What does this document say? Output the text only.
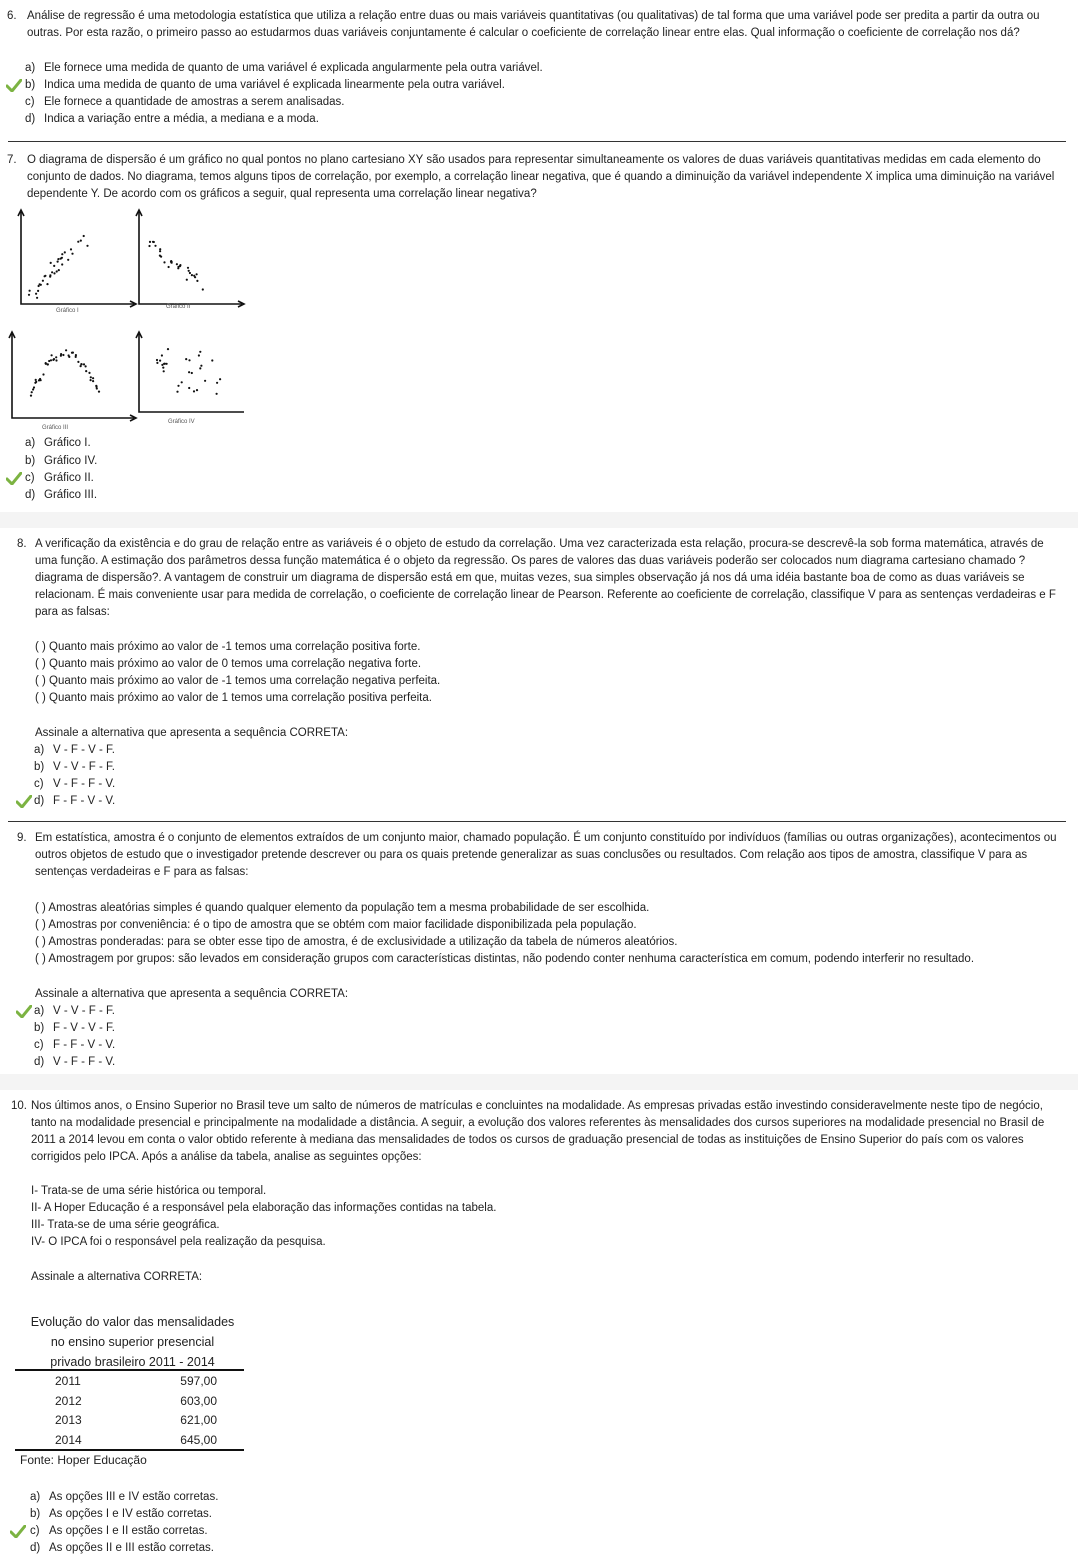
6. Análise de regressão é uma metodologia estatística que utiliza a relação entre duas ou mais variáveis quantitativas (ou qualitativas) de tal forma que uma variável pode ser predita a partir da outra ou outras. Por esta razão, o primeiro passo ao estudarmos duas variáveis conjuntamente é calcular o coeficiente de correlação linear entre elas. Qual informação o coeficiente de correlação nos dá?
a) Ele fornece uma medida de quanto de uma variável é explicada angularmente pela outra variável.
b) Indica uma medida de quanto de uma variável é explicada linearmente pela outra variável.
c) Ele fornece a quantidade de amostras a serem analisadas.
d) Indica a variação entre a média, a mediana e a moda.
7. O diagrama de dispersão é um gráfico no qual pontos no plano cartesiano XY são usados para representar simultaneamente os valores de duas variáveis quantitativas medidas em cada elemento do conjunto de dados. No diagrama, temos alguns tipos de correlação, por exemplo, a correlação linear negativa, que é quando a diminuição da variável independente X implica uma diminuição na variável dependente Y. De acordo com os gráficos a seguir, qual representa uma correlação linear negativa?
Gráfico I
Gráfico II
Gráfico III
Gráfico IV
a) Gráfico I.
b) Gráfico IV.
c) Gráfico II.
d) Gráfico III.
8. A verificação da existência e do grau de relação entre as variáveis é o objeto de estudo da correlação. Uma vez caracterizada esta relação, procura-se descrevê-la sob forma matemática, através de uma função. A estimação dos parâmetros dessa função matemática é o objeto da regressão. Os pares de valores das duas variáveis poderão ser colocados num diagrama cartesiano chamado ?diagrama de dispersão?. A vantagem de construir um diagrama de dispersão está em que, muitas vezes, sua simples observação já nos dá uma idéia bastante boa de como as duas variáveis se relacionam. É mais conveniente usar para medida de correlação, o coeficiente de correlação linear de Pearson. Referente ao coeficiente de correlação, classifique V para as sentenças verdadeiras e F para as falsas:
( ) Quanto mais próximo ao valor de -1 temos uma correlação positiva forte.
( ) Quanto mais próximo ao valor de 0 temos uma correlação negativa forte.
( ) Quanto mais próximo ao valor de -1 temos uma correlação negativa perfeita.
( ) Quanto mais próximo ao valor de 1 temos uma correlação positiva perfeita.
Assinale a alternativa que apresenta a sequência CORRETA:
a) V - F - V - F.
b) V - V - F - F.
c) V - F - F - V.
d) F - F - V - V.
9. Em estatística, amostra é o conjunto de elementos extraídos de um conjunto maior, chamado população. É um conjunto constituído por indivíduos (famílias ou outras organizações), acontecimentos ou outros objetos de estudo que o investigador pretende descrever ou para os quais pretende generalizar as suas conclusões ou resultados. Com relação aos tipos de amostra, classifique V para as sentenças verdadeiras e F para as falsas:
( ) Amostras aleatórias simples é quando qualquer elemento da população tem a mesma probabilidade de ser escolhida.
( ) Amostras por conveniência: é o tipo de amostra que se obtém com maior facilidade disponibilizada pela população.
( ) Amostras ponderadas: para se obter esse tipo de amostra, é de exclusividade a utilização da tabela de números aleatórios.
( ) Amostragem por grupos: são levados em consideração grupos com características distintas, não podendo conter nenhuma característica em comum, podendo interferir no resultado.
Assinale a alternativa que apresenta a sequência CORRETA:
a) V - V - F - F.
b) F - V - V - F.
c) F - F - V - V.
d) V - F - F - V.
10. Nos últimos anos, o Ensino Superior no Brasil teve um salto de números de matrículas e concluintes na modalidade. As empresas privadas estão investindo consideravelmente neste tipo de negócio, tanto na modalidade presencial e principalmente na modalidade a distância. A seguir, a evolução dos valores referentes às mensalidades dos cursos superiores na modalidade presencial no Brasil de 2011 a 2014 levou em conta o valor obtido referente à mediana das mensalidades de todos os cursos de graduação presencial de todas as instituições de Ensino Superior do país com os valores corrigidos pelo IPCA. Após a análise da tabela, analise as seguintes opções:
I- Trata-se de uma série histórica ou temporal.
II- A Hoper Educação é a responsável pela elaboração das informações contidas na tabela.
III- Trata-se de uma série geográfica.
IV- O IPCA foi o responsável pela realização da pesquisa.
Assinale a alternativa CORRETA:
Evolução do valor das mensalidades
no ensino superior presencial
privado brasileiro 2011 - 2014
2011	597,00
2012	603,00
2013	621,00
2014	645,00
Fonte: Hoper Educação
a) As opções III e IV estão corretas.
b) As opções I e IV estão corretas.
c) As opções I e II estão corretas.
d) As opções II e III estão corretas.
